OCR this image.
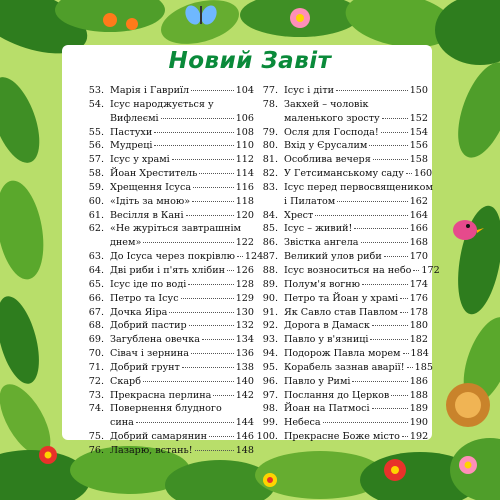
Новий Завіт
53. Марія і Гавриїл	104
54. Ісус народжується у
Вифлеємі	106
55. Пастухи	108
56. Мудреці	110
57. Ісус у храмі	112
58. Йоан Хреститель	114
59. Хрещення Ісуса	116
60. «Ідіть за мною»	118
61. Весілля в Кані	120
62. «Не журіться завтрашнім
днем»	122
63. До Ісуса через покрівлю 124
64. Дві риби і п'ять хлібин 126
65. Ісус іде по воді	128
66. Петро та Ісус	129
67. Дочка Яіра	130
68. Добрий пастир	132
69. Загублена овечка	134
70. Сівач і зернина	136
71. Добрий грунт	138
72. Скарб	140
73. Прекрасна перлина	142
74. Повернення блудного
сина	144
75. Добрий самарянин	146
76. Лазарю, встань!	148
77. Ісус і діти	150
78. Закхей – чоловік
маленького зросту	152
79. Осля для Господа!	154
80. Вхід у Єрусалим	156
81. Особлива вечеря	158
82. У Гетсиманському саду 160
83. Ісус перед первосвящеником
і Пилатом	162
84. Хрест	164
85. Ісус – живий!	166
86. Звістка ангела	168
87. Великий улов риби	170
88. Ісус возноситься на небо 172
89. Полум'я вогню	174
90. Петро та Йоан у храмі 176
91. Як Савло став Павлом 178
92. Дорога в Дамаск	180
93. Павло у в'язниці	182
94. Подорож Павла морем 184
95. Корабель зазнав аварії! 185
96. Павло у Римі	186
97. Послання до Церков 188
98. Йоан на Патмосі	189
99. Небеса	190
100. Прекрасне Боже місто 192
